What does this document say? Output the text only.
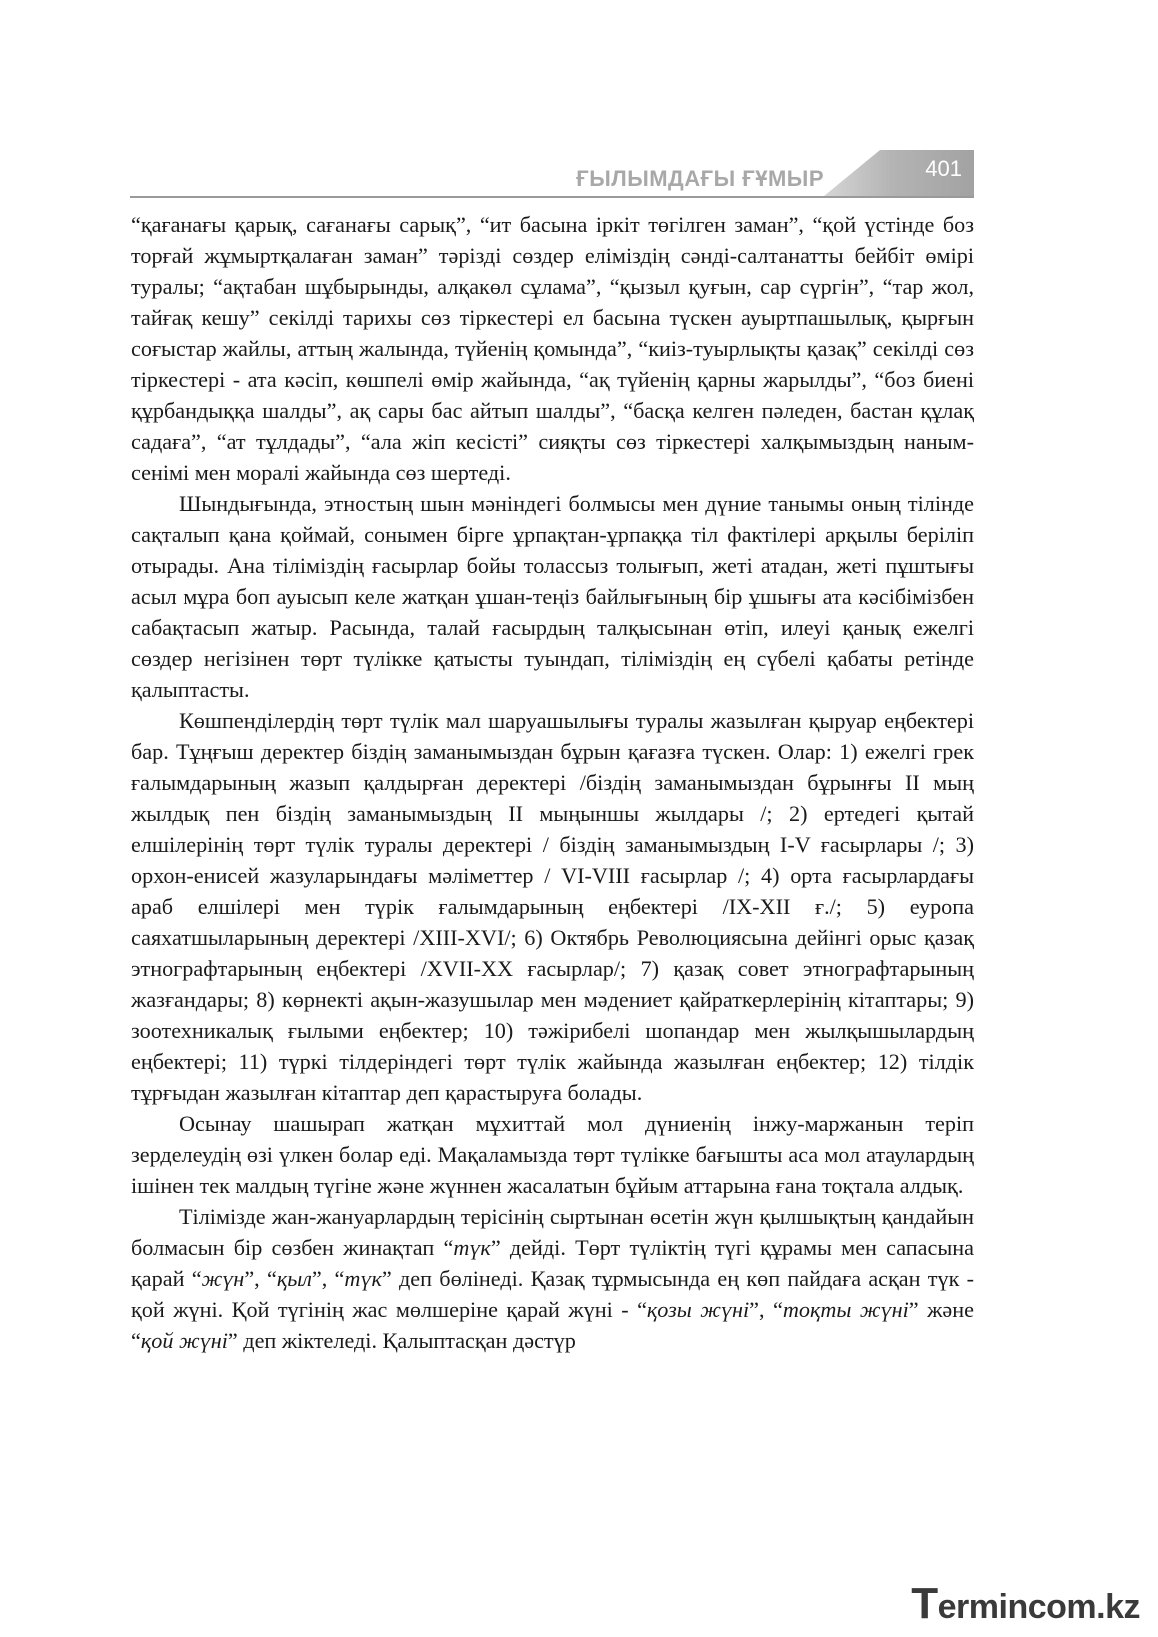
ҒЫЛЫМДАҒЫ ҒҰМЫР	401

“қағанағы қарық, сағанағы сарық”, “ит басына іркіт төгілген заман”, “қой үстінде боз торғай жұмыртқалаған заман” тәрізді сөздер еліміздің сәнді-салтанатты бейбіт өмірі туралы; “ақтабан шұбырынды, алқакөл сұлама”, “қызыл қуғын, сар сүргін”, “тар жол, тайғақ кешу” секілді тарихы сөз тіркестері ел басына түскен ауыртпашылық, қырғын соғыстар жайлы, аттың жалында, түйенің қомында”, “киіз-туырлықты қазақ” секілді сөз тіркестері - ата кәсіп, көшпелі өмір жайында, “ақ түйенің қарны жарылды”, “боз биені құрбандыққа шалды”, ақ сары бас айтып шалды”, “басқа келген пәледен, бастан құлақ садаға”, “ат тұлдады”, “ала жіп кесісті” сияқты сөз тіркестері халқымыздың наным-сенімі мен моралі жайында сөз шертеді.

Шындығында, этностың шын мәніндегі болмысы мен дүние танымы оның тілінде сақталып қана қоймай, сонымен бірге ұрпақтан-ұрпаққа тіл фактілері арқылы беріліп отырады. Ана тіліміздің ғасырлар бойы толассыз толығып, жеті атадан, жеті пұштығы асыл мұра боп ауысып келе жатқан ұшан-теңіз байлығының бір ұшығы ата кәсібімізбен сабақтасып жатыр. Расында, талай ғасырдың талқысынан өтіп, илеуі қанық ежелгі сөздер негізінен төрт түлікке қатысты туындап, тіліміздің ең сүбелі қабаты ретінде қалыптасты.

Көшпенділердің төрт түлік мал шаруашылығы туралы жазылған қыруар еңбектері бар. Тұңғыш деректер біздің заманымыздан бұрын қағазға түскен. Олар: 1) ежелгі грек ғалымдарының жазып қалдырған деректері /біздің заманымыздан бұрынғы II мың жылдық пен біздің заманымыздың II мыңыншы жылдары /; 2) ертедегі қытай елшілерінің төрт түлік туралы деректері / біздің заманымыздың I-V ғасырлары /; 3) орхон-енисей жазуларындағы мәліметтер / VI-VIII ғасырлар /; 4) орта ғасырлардағы араб елшілері мен түрік ғалымдарының еңбектері /IX-XII ғ./; 5) еуропа саяхатшыларының деректері /XIII-XVI/; 6) Октябрь Революциясына дейінгі орыс қазақ этнографтарының еңбектері /XVII-XX ғасырлар/; 7) қазақ совет этнографтарының жазғандары; 8) көрнекті ақын-жазушылар мен мәдениет қайраткерлерінің кітаптары; 9) зоотехникалық ғылыми еңбектер; 10) тәжірибелі шопандар мен жылқышылардың еңбектері; 11) түркі тілдеріндегі төрт түлік жайында жазылған еңбектер; 12) тілдік тұрғыдан жазылған кітаптар деп қарастыруға болады.

Осынау шашырап жатқан мұхиттай мол дүниенің інжу-маржанын теріп зерделеудің өзі үлкен болар еді. Мақаламызда төрт түлікке бағышты аса мол атаулардың ішінен тек малдың түгіне және жүннен жасалатын бұйым аттарына ғана тоқтала алдық.

Тілімізде жан-жануарлардың терісінің сыртынан өсетін жүн қылшықтың қандайын болмасын бір сөзбен жинақтап “түк” дейді. Төрт түліктің түгі құрамы мен сапасына қарай “жүн”, “қыл”, “түк” деп бөлінеді. Қазақ тұрмысында ең көп пайдаға асқан түк - қой жүні. Қой түгінің жас мөлшеріне қарай жүні - “қозы жүні”, “тоқты жүні” және “қой жүні” деп жіктеледі. Қалыптасқан дәстүр

Termincom.kz
